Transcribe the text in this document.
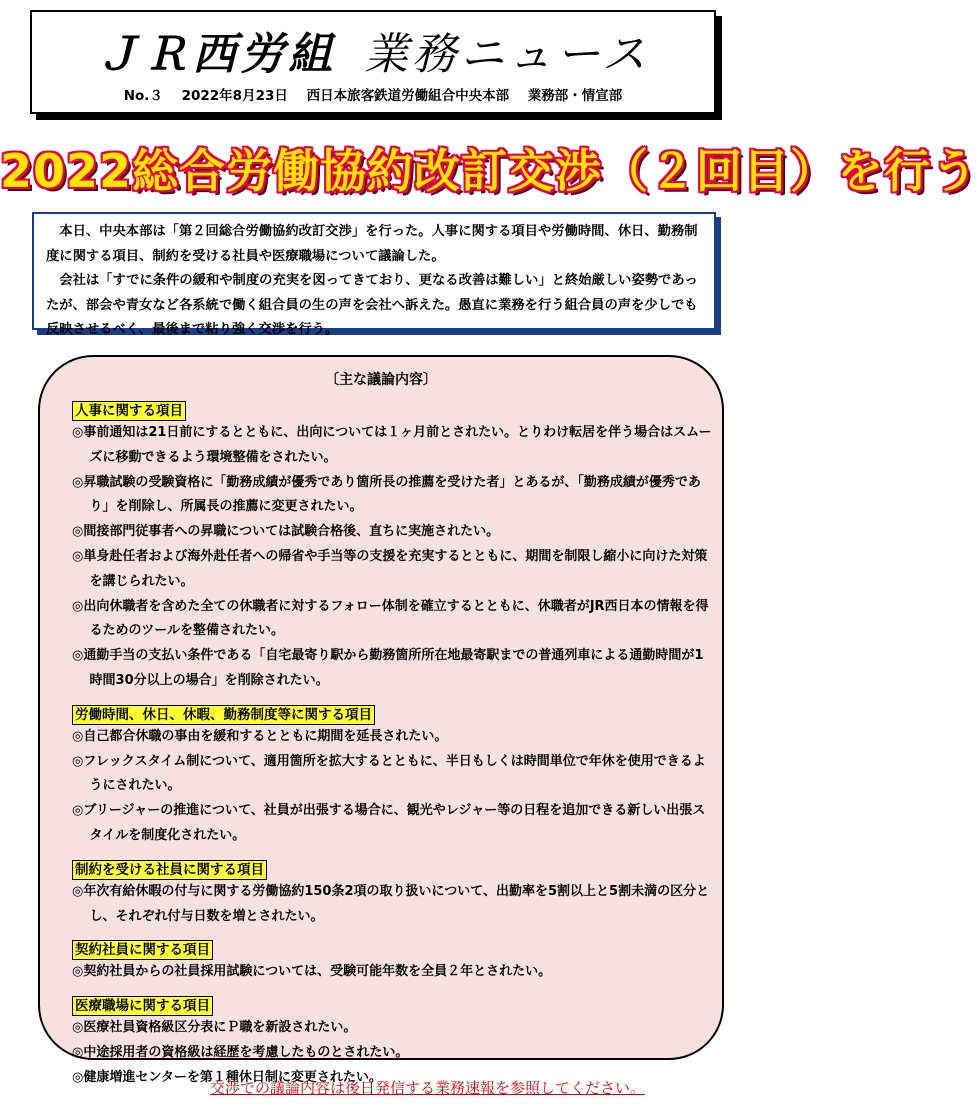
ＪＲ西労組 業務ニュース
No.３ 2022年8月23日 西日本旅客鉄道労働組合中央本部 業務部・情宣部
2022総合労働協約改訂交渉（２回目）を行う

本日、中央本部は「第２回総合労働協約改訂交渉」を行った。人事に関する項目や労働時間、休日、勤務制度に関する項目、制約を受ける社員や医療職場について議論した。

会社は「すでに条件の緩和や制度の充実を図ってきており、更なる改善は難しい」と終始厳しい姿勢であったが、部会や青女など各系統で働く組合員の生の声を会社へ訴えた。愚直に業務を行う組合員の声を少しでも反映させるべく、最後まで粘り強く交渉を行う。

〔主な議論内容〕
人事に関する項目
◎事前通知は21日前にするとともに、出向については１ヶ月前とされたい。とりわけ転居を伴う場合はスムーズに移動できるよう環境整備をされたい。
◎昇職試験の受験資格に「勤務成績が優秀であり箇所長の推薦を受けた者」とあるが、「勤務成績が優秀であり」を削除し、所属長の推薦に変更されたい。
◎間接部門従事者への昇職については試験合格後、直ちに実施されたい。
◎単身赴任者および海外赴任者への帰省や手当等の支援を充実するとともに、期間を制限し縮小に向けた対策を講じられたい。
◎出向休職者を含めた全ての休職者に対するフォロー体制を確立するとともに、休職者がJR西日本の情報を得るためのツールを整備されたい。
◎通勤手当の支払い条件である「自宅最寄り駅から勤務箇所所在地最寄駅までの普通列車による通勤時間が1時間30分以上の場合」を削除されたい。
労働時間、休日、休暇、勤務制度等に関する項目
◎自己都合休職の事由を緩和するとともに期間を延長されたい。
◎フレックスタイム制について、適用箇所を拡大するとともに、半日もしくは時間単位で年休を使用できるようにされたい。
◎ブリージャーの推進について、社員が出張する場合に、観光やレジャー等の日程を追加できる新しい出張スタイルを制度化されたい。
制約を受ける社員に関する項目
◎年次有給休暇の付与に関する労働協約150条2項の取り扱いについて、出勤率を5割以上と5割未満の区分とし、それぞれ付与日数を増とされたい。
契約社員に関する項目
◎契約社員からの社員採用試験については、受験可能年数を全員２年とされたい。
医療職場に関する項目
◎医療社員資格級区分表にＰ職を新設されたい。
◎中途採用者の資格級は経歴を考慮したものとされたい。
◎健康増進センターを第１種休日制に変更されたい。
交渉での議論内容は後日発信する業務速報を参照してください。
